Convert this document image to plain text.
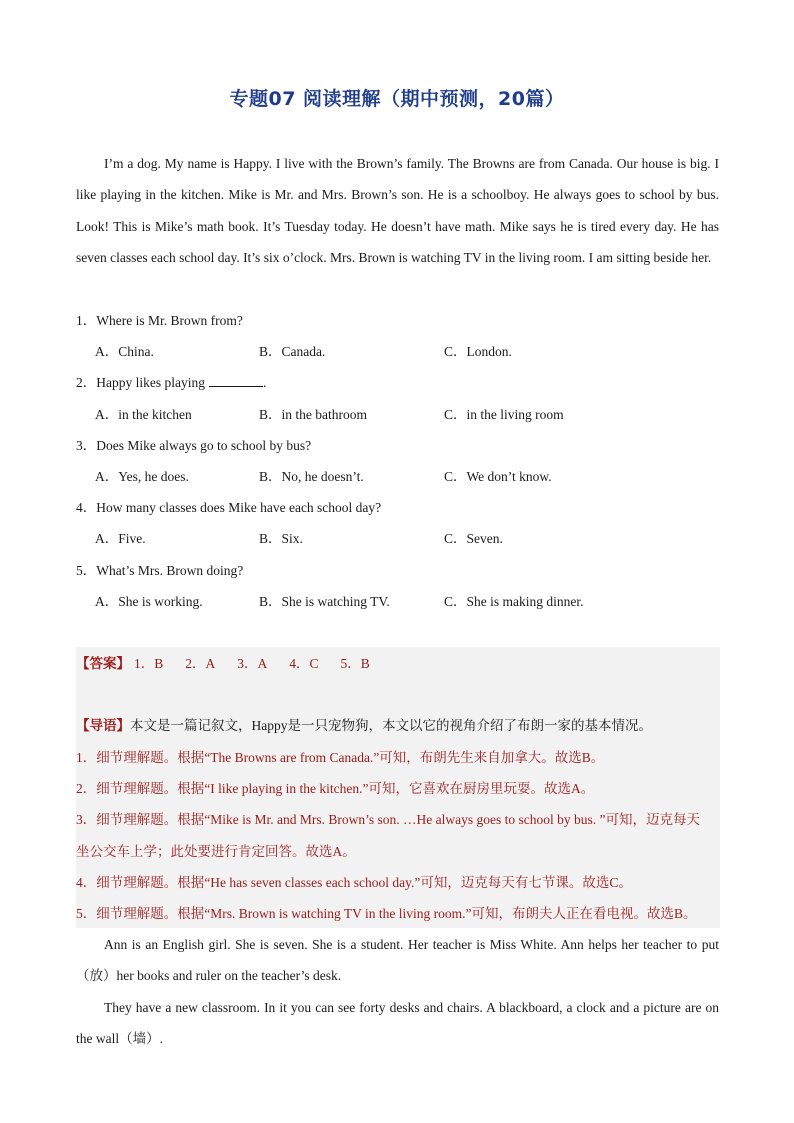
专题07 阅读理解（期中预测，20篇）

I’m a dog. My name is Happy. I live with the Brown’s family. The Browns are from Canada. Our house is big. I like playing in the kitchen. Mike is Mr. and Mrs. Brown’s son. He is a schoolboy. He always goes to school by bus. Look! This is Mike’s math book. It’s Tuesday today. He doesn’t have math. Mike says he is tired every day. He has seven classes each school day. It’s six o’clock. Mrs. Brown is watching TV in the living room. I am sitting beside her.

1．Where is Mr. Brown from?
A．China.	B．Canada.	C．London.
2．Happy likes playing	.
A．in the kitchen	B．in the bathroom	C．in the living room
3．Does Mike always go to school by bus?
A．Yes, he does.	B．No, he doesn’t.	C．We don’t know.
4．How many classes does Mike have each school day?
A．Five.	B．Six.	C．Seven.
5．What’s Mrs. Brown doing?
A．She is working.	B．She is watching TV.	C．She is making dinner.
【答案】 1．B 2．A 3．A 4．C 5．B
【导语】本文是一篇记叙文，Happy是一只宠物狗，本文以它的视角介绍了布朗一家的基本情况。
1．细节理解题。根据“The Browns are from Canada.”可知，布朗先生来自加拿大。故选B。
2．细节理解题。根据“I like playing in the kitchen.”可知，它喜欢在厨房里玩耍。故选A。
3．细节理解题。根据“Mike is Mr. and Mrs. Brown’s son. …He always goes to school by bus. ”可知，迈克每天
坐公交车上学；此处要进行肯定回答。故选A。
4．细节理解题。根据“He has seven classes each school day.”可知，迈克每天有七节课。故选C。
5．细节理解题。根据“Mrs. Brown is watching TV in the living room.”可知，布朗夫人正在看电视。故选B。

Ann is an English girl. She is seven. She is a student. Her teacher is Miss White. Ann helps her teacher to put（放）her books and ruler on the teacher’s desk.

They have a new classroom. In it you can see forty desks and chairs. A blackboard, a clock and a picture are on the wall（墙）.
